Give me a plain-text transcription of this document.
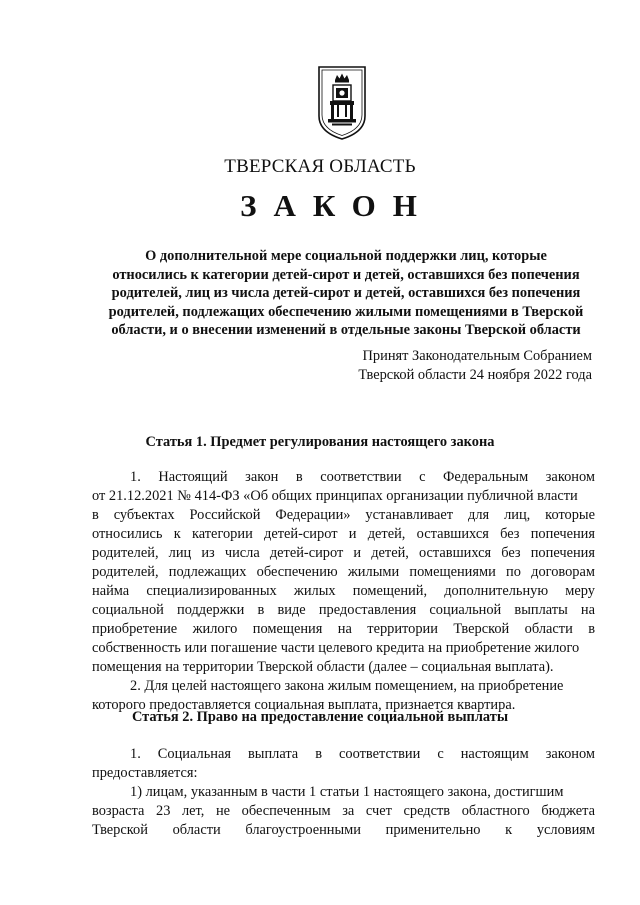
ТВЕРСКАЯ ОБЛАСТЬ
ЗАКОН
О дополнительной мере социальной поддержки лиц, которые
относились к категории детей-сирот и детей, оставшихся без попечения
родителей, лиц из числа детей-сирот и детей, оставшихся без попечения
родителей, подлежащих обеспечению жилыми помещениями в Тверской
области, и о внесении изменений в отдельные законы Тверской области
Принят Законодательным Собранием
Тверской области 24 ноября 2022 года
Статья 1. Предмет регулирования настоящего закона
1. Настоящий закон в соответствии с Федеральным законом
от 21.12.2021 № 414-ФЗ «Об общих принципах организации публичной власти
в субъектах Российской Федерации» устанавливает для лиц, которые
относились к категории детей-сирот и детей, оставшихся без попечения
родителей, лиц из числа детей-сирот и детей, оставшихся без попечения
родителей, подлежащих обеспечению жилыми помещениями по договорам
найма специализированных жилых помещений, дополнительную меру
социальной поддержки в виде предоставления социальной выплаты на
приобретение жилого помещения на территории Тверской области в
собственность или погашение части целевого кредита на приобретение жилого
помещения на территории Тверской области (далее – социальная выплата).
2. Для целей настоящего закона жилым помещением, на приобретение
которого предоставляется социальная выплата, признается квартира.
Статья 2. Право на предоставление социальной выплаты
1. Социальная выплата в соответствии с настоящим законом
предоставляется:
1) лицам, указанным в части 1 статьи 1 настоящего закона, достигшим
возраста 23 лет, не обеспеченным за счет средств областного бюджета
Тверской области благоустроенными применительно к условиям
